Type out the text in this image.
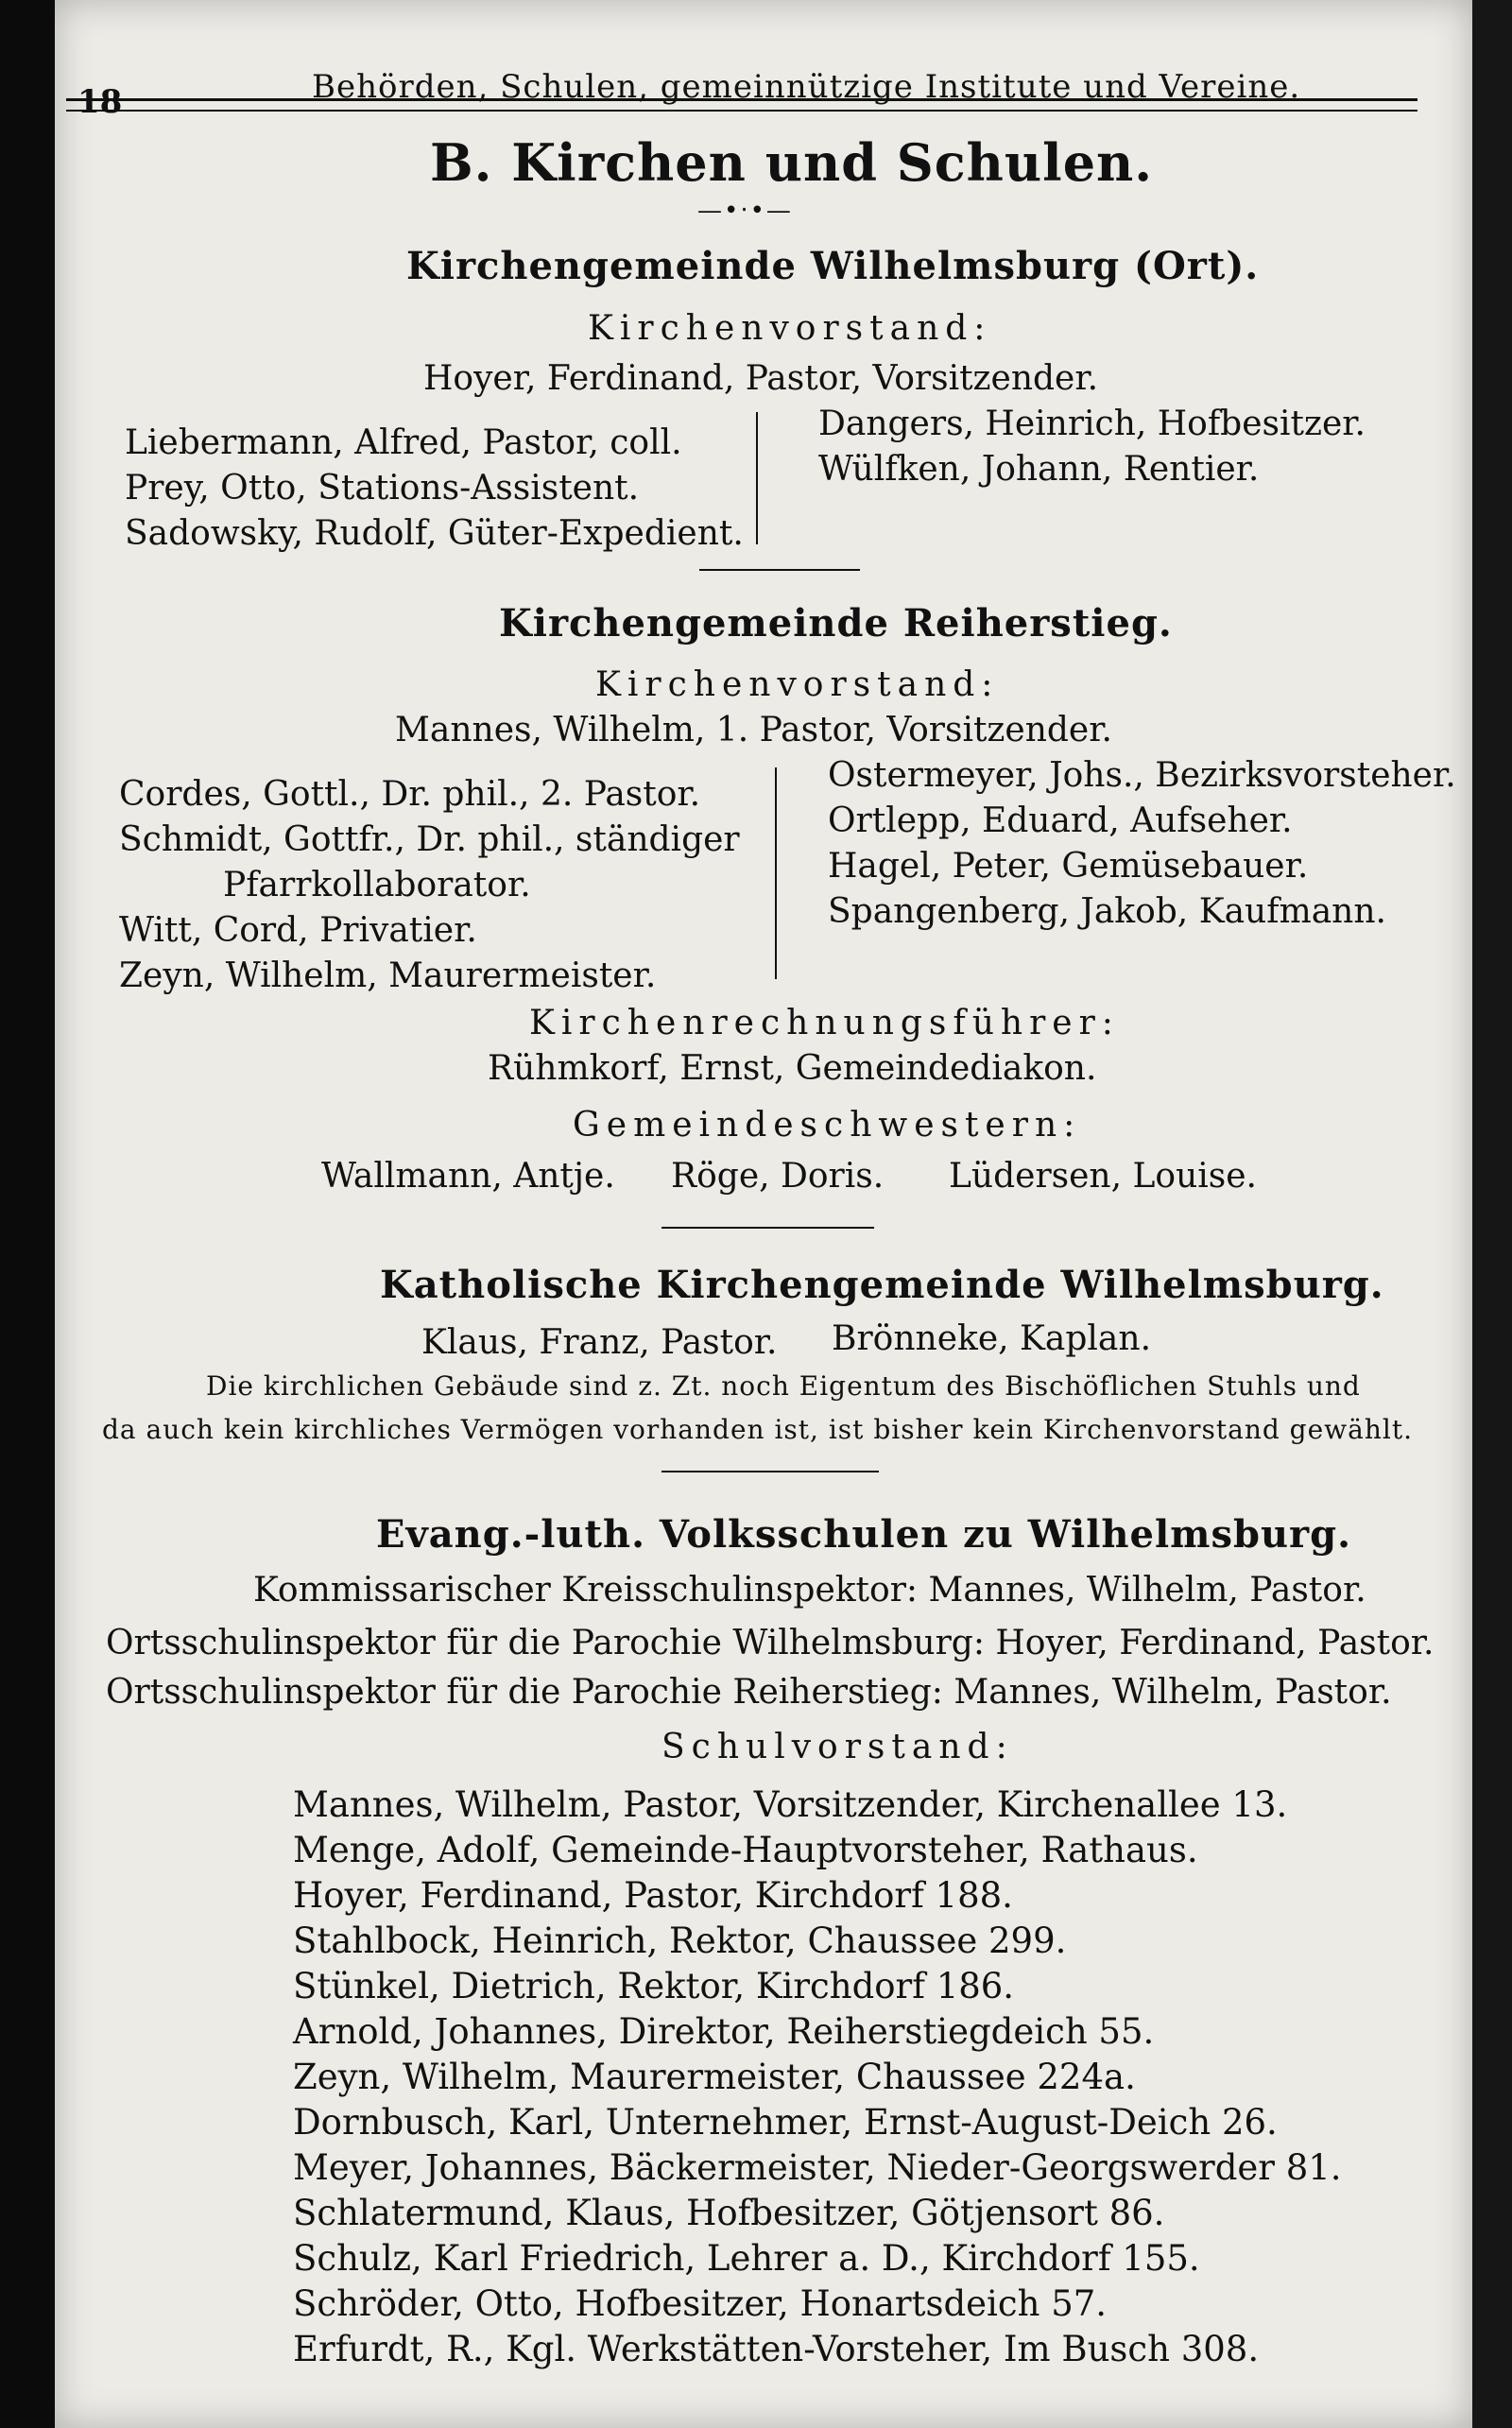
18	Behörden, Schulen, gemeinnützige Institute und Vereine.
B. Kirchen und Schulen.
—•‧•—
Kirchengemeinde Wilhelmsburg (Ort).
Kirchenvorstand:
Hoyer, Ferdinand, Pastor, Vorsitzender.
Liebermann, Alfred, Pastor, coll.
Prey, Otto, Stations-Assistent.
Sadowsky, Rudolf, Güter-Expedient.
Dangers, Heinrich, Hofbesitzer.
Wülfken, Johann, Rentier.
Kirchengemeinde Reiherstieg.
Kirchenvorstand:
Mannes, Wilhelm, 1. Pastor, Vorsitzender.
Cordes, Gottl., Dr. phil., 2. Pastor.
Schmidt, Gottfr., Dr. phil., ständiger
Pfarrkollaborator.
Witt, Cord, Privatier.
Zeyn, Wilhelm, Maurermeister.
Ostermeyer, Johs., Bezirksvorsteher.
Ortlepp, Eduard, Aufseher.
Hagel, Peter, Gemüsebauer.
Spangenberg, Jakob, Kaufmann.
Kirchenrechnungsführer:
Rühmkorf, Ernst, Gemeindediakon.
Gemeindeschwestern:
Wallmann, Antje. Röge, Doris. Lüdersen, Louise.
Katholische Kirchengemeinde Wilhelmsburg.
Klaus, Franz, Pastor. Brönneke, Kaplan.
Die kirchlichen Gebäude sind z. Zt. noch Eigentum des Bischöflichen Stuhls und
da auch kein kirchliches Vermögen vorhanden ist, ist bisher kein Kirchenvorstand gewählt.
Evang.-luth. Volksschulen zu Wilhelmsburg.
Kommissarischer Kreisschulinspektor: Mannes, Wilhelm, Pastor.
Ortsschulinspektor für die Parochie Wilhelmsburg: Hoyer, Ferdinand, Pastor.
Ortsschulinspektor für die Parochie Reiherstieg: Mannes, Wilhelm, Pastor.
Schulvorstand:
Mannes, Wilhelm, Pastor, Vorsitzender, Kirchenallee 13.
Menge, Adolf, Gemeinde-Hauptvorsteher, Rathaus.
Hoyer, Ferdinand, Pastor, Kirchdorf 188.
Stahlbock, Heinrich, Rektor, Chaussee 299.
Stünkel, Dietrich, Rektor, Kirchdorf 186.
Arnold, Johannes, Direktor, Reiherstiegdeich 55.
Zeyn, Wilhelm, Maurermeister, Chaussee 224a.
Dornbusch, Karl, Unternehmer, Ernst-August-Deich 26.
Meyer, Johannes, Bäckermeister, Nieder-Georgswerder 81.
Schlatermund, Klaus, Hofbesitzer, Götjensort 86.
Schulz, Karl Friedrich, Lehrer a. D., Kirchdorf 155.
Schröder, Otto, Hofbesitzer, Honartsdeich 57.
Erfurdt, R., Kgl. Werkstätten-Vorsteher, Im Busch 308.
